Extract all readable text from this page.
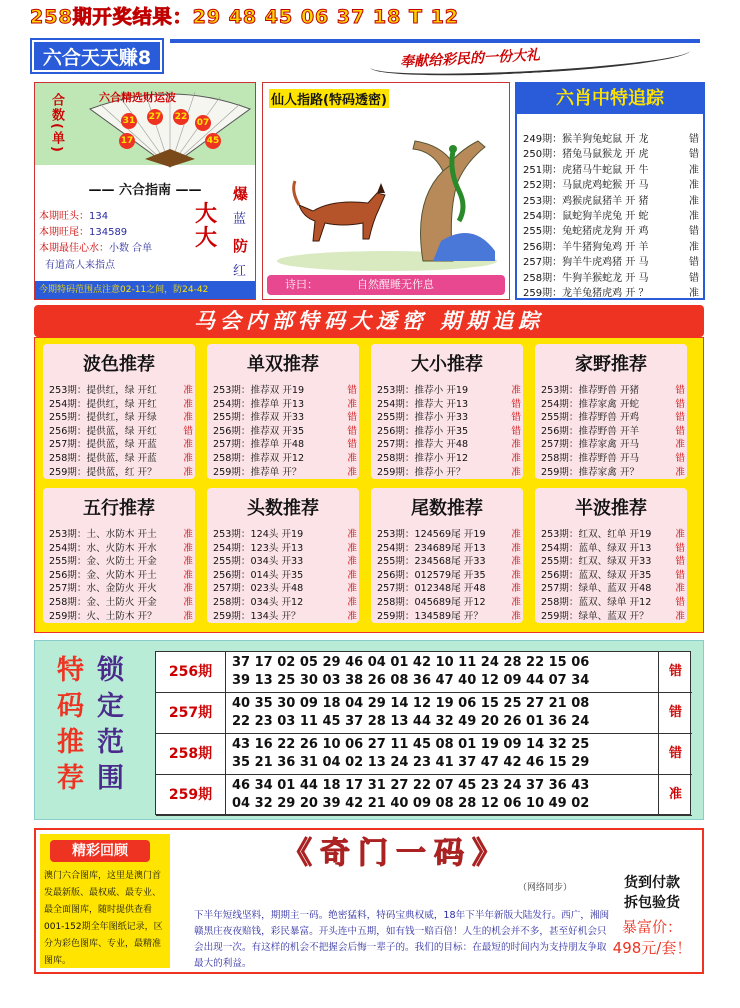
258期开奖结果：29 48 45 06 37 18 T 12
六合天天赚8	奉献给彩民的一份大礼
合数(单)	六合精选财运波
31 27 22
07
17	45
—— 六合指南 ——
本期旺头：134
本期旺尾：134589
本期最佳心水：小数 合单
有道高人来指点
大大
爆
蓝
防
红
今期特码范围点注意02-11之间，防24-42
仙人指路(特码透密)
诗曰：	自然醒睡无作息
六肖中特追踪
249期：猴羊狗兔蛇鼠 开 龙	错
250期：猪兔马鼠猴龙 开 虎	错
251期：虎猪马牛蛇鼠 开 牛	准
252期：马鼠虎鸡蛇猴 开 马	准
253期：鸡猴虎鼠猪羊 开 猪	准
254期：鼠蛇狗羊虎兔 开 蛇	准
255期：兔蛇猪虎龙狗 开 鸡	错
256期：羊牛猪狗兔鸡 开 羊	准
257期：狗羊牛虎鸡猪 开 马	错
258期：牛狗羊猴蛇龙 开 马	错
259期：龙羊兔猪虎鸡 开 ？	准
马会内部特码大透密 期期追踪
波色推荐
253期：提供红，绿 开红	准
254期：提供红，绿 开红	准
255期：提供红，绿 开绿	准
256期：提供蓝，绿 开红	错
257期：提供蓝，绿 开蓝	准
258期：提供蓝，绿 开蓝	准
259期：提供蓝，红 开？	准
单双推荐
253期：推荐双 开19	错
254期：推荐单 开13	准
255期：推荐双 开33	错
256期：推荐双 开35	错
257期：推荐单 开48	错
258期：推荐双 开12	准
259期：推荐单 开？	准
大小推荐
253期：推荐小 开19	准
254期：推荐大 开13	错
255期：推荐小 开33	错
256期：推荐小 开35	错
257期：推荐大 开48	准
258期：推荐小 开12	准
259期：推荐小 开？	准
家野推荐
253期：推荐野兽 开猪	错
254期：推荐家禽 开蛇	错
255期：推荐野兽 开鸡	错
256期：推荐野兽 开羊	错
257期：推荐家禽 开马	准
258期：推荐野兽 开马	错
259期：推荐家禽 开？	准
五行推荐
253期：土、水防木 开土	准
254期：水、火防木 开水	准
255期：金、火防土 开金	准
256期：金、火防木 开土	准
257期：水、金防火 开火	准
258期：金、土防火 开金	准
259期：火、土防木 开？	准
头数推荐
253期：124头 开19	准
254期：123头 开13	准
255期：034头 开33	准
256期：014头 开35	准
257期：023头 开48	准
258期：034头 开12	准
259期：134头 开？	准
尾数推荐
253期：124569尾 开19	准
254期：234689尾 开13	准
255期：234568尾 开33	准
256期：012579尾 开35	准
257期：012348尾 开48	准
258期：045689尾 开12	准
259期：134589尾 开？	准
半波推荐
253期：红双、红单 开19	准
254期：蓝单、绿双 开13	错
255期：红双、绿双 开33	错
256期：蓝双、绿双 开35	错
257期：绿单、蓝双 开48	准
258期：蓝双、绿单 开12	错
259期：绿单、蓝双 开？	准
特
码
推
荐
锁
定
范
围
256期
37 17 02 05 29 46 04 01 42 10 11 24 28 22 15 06
39 13 25 30 03 38 26 08 36 47 40 12 09 44 07 34
错
257期
40 35 30 09 18 04 29 14 12 19 06 15 25 27 21 08
22 23 03 11 45 37 28 13 44 32 49 20 26 01 36 24
错
258期
43 16 22 26 10 06 27 11 45 08 01 19 09 14 32 25
35 21 36 31 04 02 13 24 23 41 37 47 42 46 15 29
错
259期
46 34 01 44 18 17 31 27 22 07 45 23 24 37 36 43
04 32 29 20 39 42 21 40 09 08 28 12 06 10 49 02
准
精彩回顾
澳门六合图库，这里是澳门首发最新版、最权威、最专业、最全面图库，随时提供查看001-152期全年图纸记录，区分为彩色图库、专业，最精准图库。
《奇门一码》
（网络同步）
下半年短线坚料，期期主一码。绝密猛料，特码宝典权威，18年下半年新版大陆发行。西广，湘闽赣黑庄夜夜赔钱，彩民暴富。开头连中五期，如有钱一赔百倍！人生的机会并不多，甚至好机会只会出现一次。有这样的机会不把握会后悔一辈子的。我们的目标：在最短的时间内为支持朋友争取最大的利益。
货到付款
拆包验货
暴富价：
498元/套！
